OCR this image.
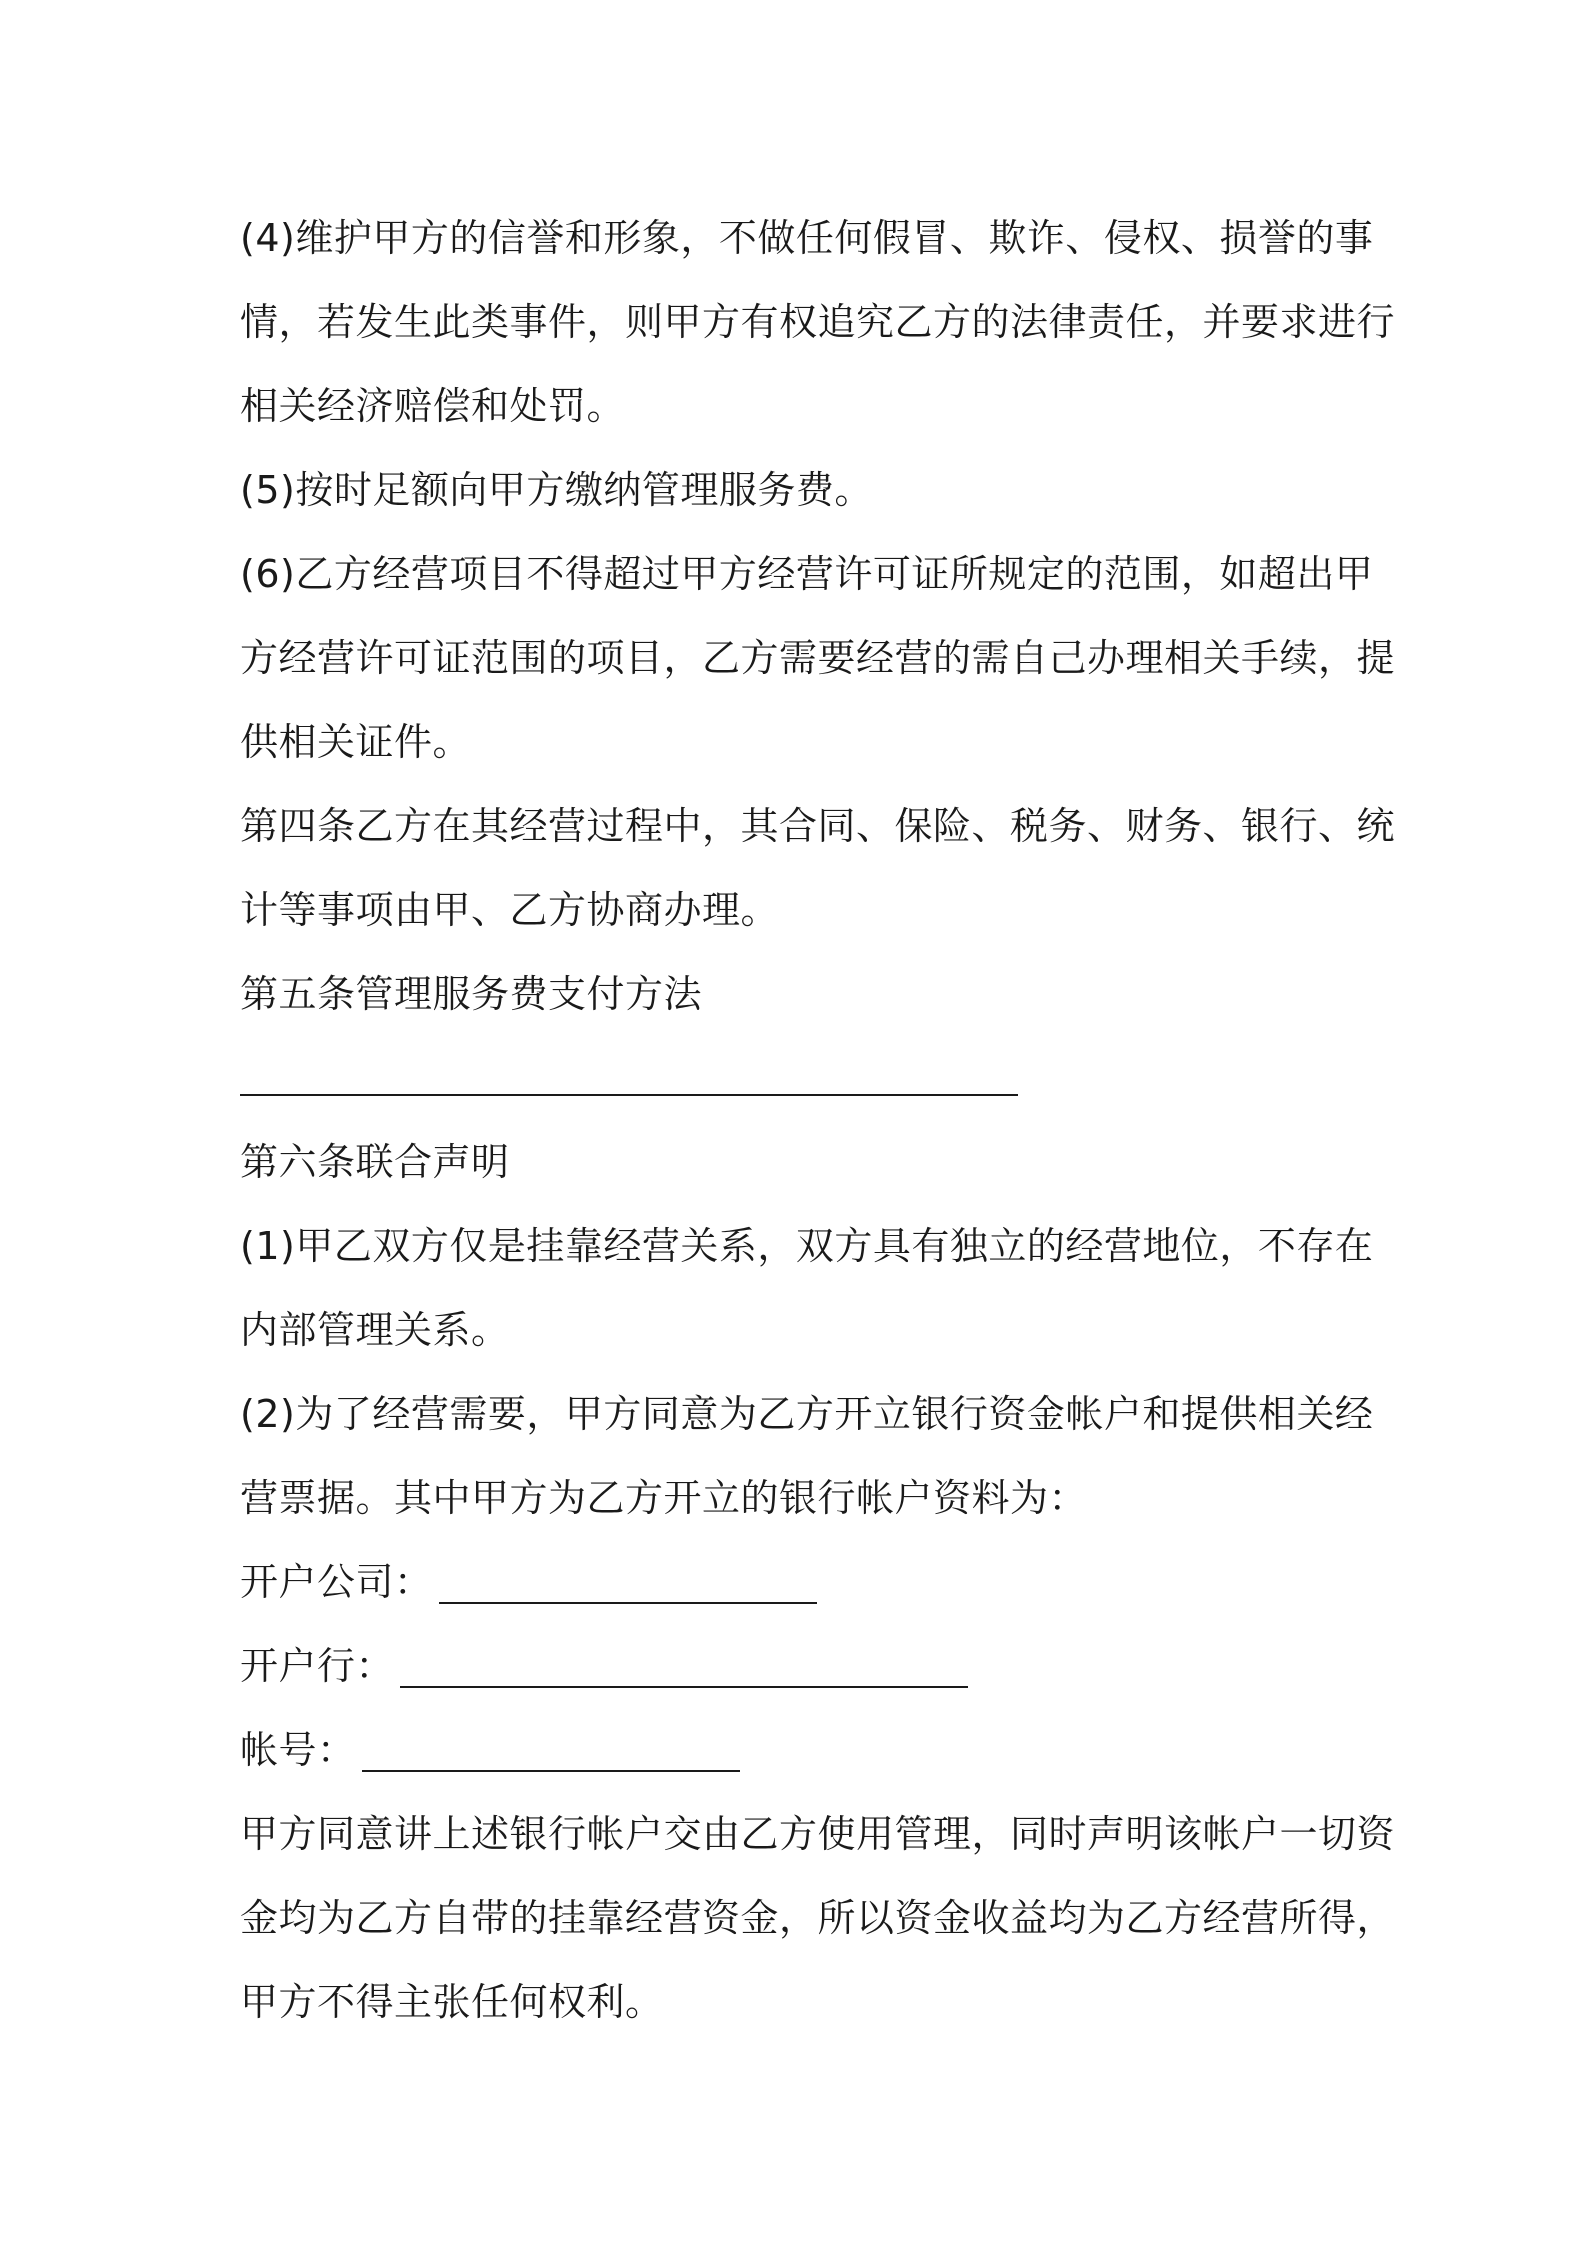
(4)维护甲方的信誉和形象，不做任何假冒、欺诈、侵权、损誉的事
情，若发生此类事件，则甲方有权追究乙方的法律责任，并要求进行
相关经济赔偿和处罚。
(5)按时足额向甲方缴纳管理服务费。
(6)乙方经营项目不得超过甲方经营许可证所规定的范围，如超出甲
方经营许可证范围的项目，乙方需要经营的需自己办理相关手续，提
供相关证件。
第四条乙方在其经营过程中，其合同、保险、税务、财务、银行、统
计等事项由甲、乙方协商办理。
第五条管理服务费支付方法
第六条联合声明
(1)甲乙双方仅是挂靠经营关系，双方具有独立的经营地位，不存在
内部管理关系。
(2)为了经营需要，甲方同意为乙方开立银行资金帐户和提供相关经
营票据。其中甲方为乙方开立的银行帐户资料为：
开户公司：
开户行：
帐号：
甲方同意讲上述银行帐户交由乙方使用管理，同时声明该帐户一切资
金均为乙方自带的挂靠经营资金，所以资金收益均为乙方经营所得，
甲方不得主张任何权利。
